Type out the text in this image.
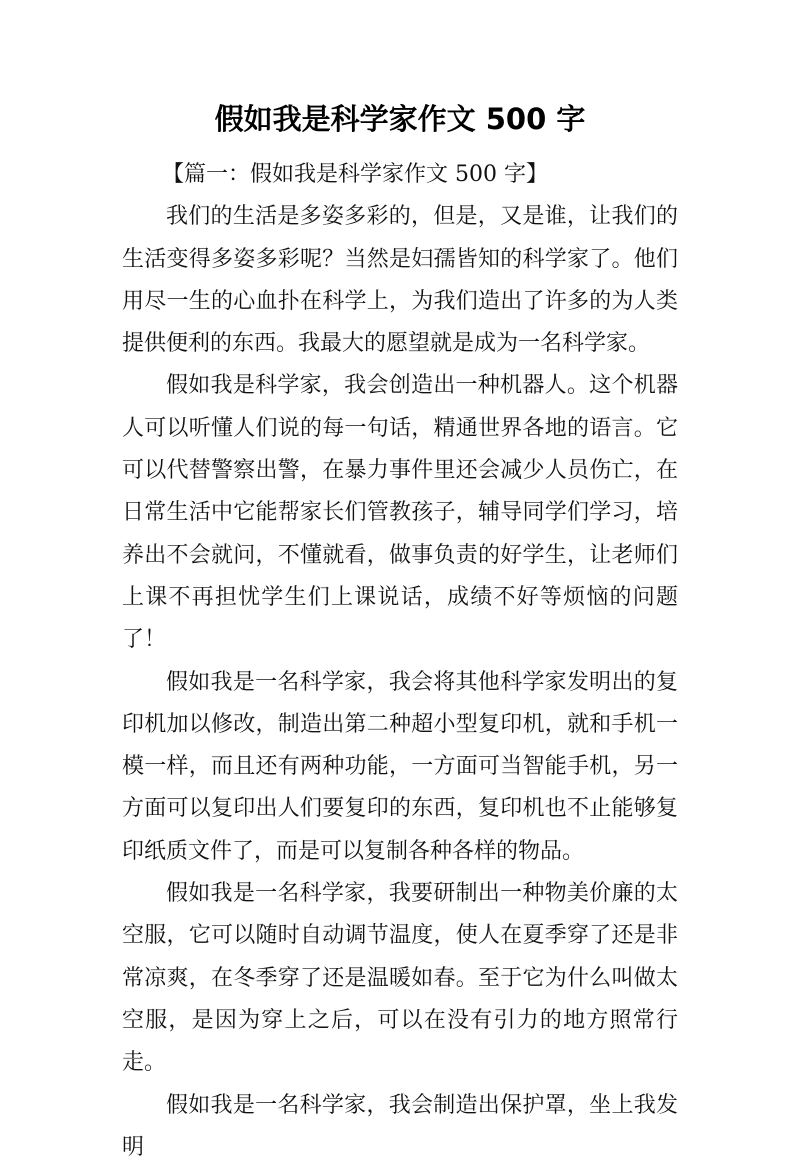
假如我是科学家作文 500 字

【篇一：假如我是科学家作文 500 字】

我们的生活是多姿多彩的，但是，又是谁，让我们的生活变得多姿多彩呢？当然是妇孺皆知的科学家了。他们用尽一生的心血扑在科学上，为我们造出了许多的为人类提供便利的东西。我最大的愿望就是成为一名科学家。

假如我是科学家，我会创造出一种机器人。这个机器人可以听懂人们说的每一句话，精通世界各地的语言。它可以代替警察出警，在暴力事件里还会减少人员伤亡，在日常生活中它能帮家长们管教孩子，辅导同学们学习，培养出不会就问，不懂就看，做事负责的好学生，让老师们上课不再担忧学生们上课说话，成绩不好等烦恼的问题了！

假如我是一名科学家，我会将其他科学家发明出的复印机加以修改，制造出第二种超小型复印机，就和手机一模一样，而且还有两种功能，一方面可当智能手机，另一方面可以复印出人们要复印的东西，复印机也不止能够复印纸质文件了，而是可以复制各种各样的物品。

假如我是一名科学家，我要研制出一种物美价廉的太空服，它可以随时自动调节温度，使人在夏季穿了还是非常凉爽，在冬季穿了还是温暖如春。至于它为什么叫做太空服，是因为穿上之后，可以在没有引力的地方照常行走。

假如我是一名科学家，我会制造出保护罩，坐上我发明
